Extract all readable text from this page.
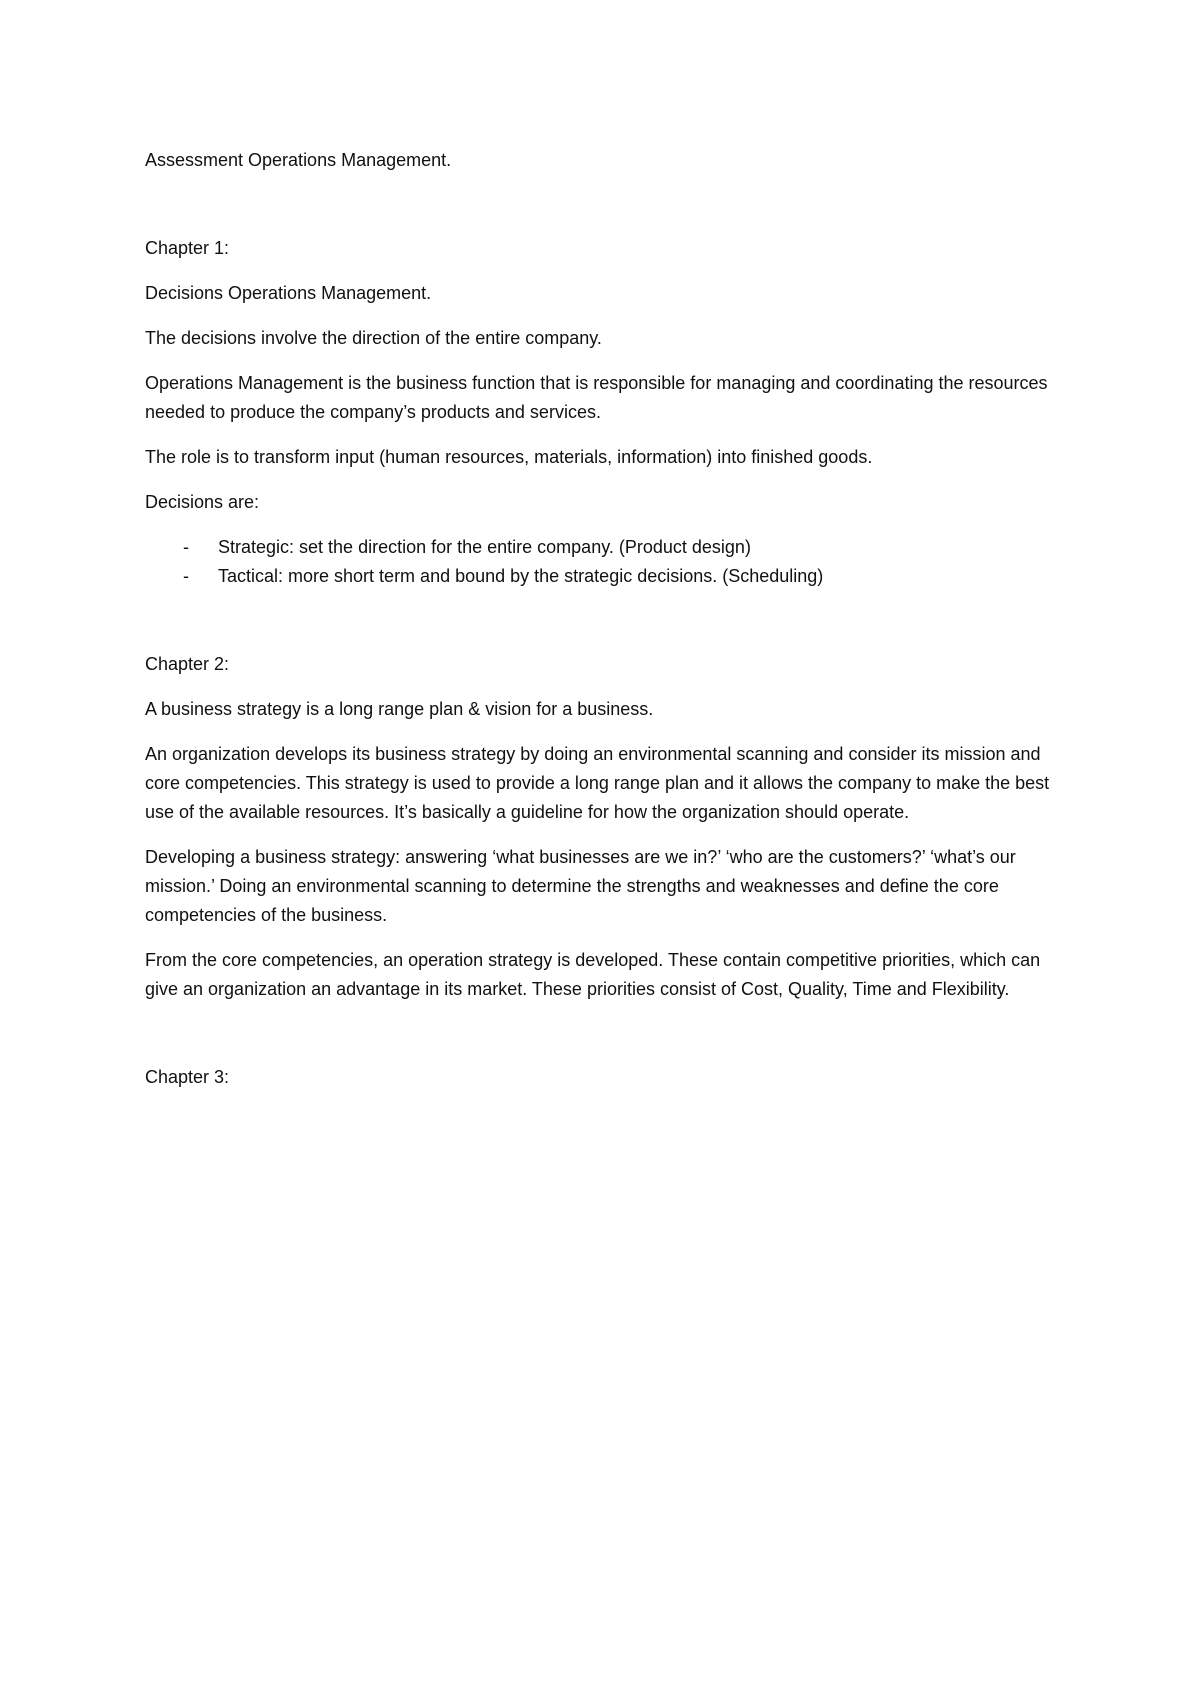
Assessment Operations Management.
Chapter 1:

Decisions Operations Management.

The decisions involve the direction of the entire company.

Operations Management is the business function that is responsible for managing and coordinating the resources needed to produce the company’s products and services.

The role is to transform input (human resources, materials, information) into finished goods.

Decisions are:

- Strategic: set the direction for the entire company. (Product design)
- Tactical: more short term and bound by the strategic decisions. (Scheduling)
Chapter 2:

A business strategy is a long range plan & vision for a business.

An organization develops its business strategy by doing an environmental scanning and consider its mission and core competencies. This strategy is used to provide a long range plan and it allows the company to make the best use of the available resources. It’s basically a guideline for how the organization should operate.

Developing a business strategy: answering ‘what businesses are we in?’ ‘who are the customers?’ ‘what’s our mission.’ Doing an environmental scanning to determine the strengths and weaknesses and define the core competencies of the business.

From the core competencies, an operation strategy is developed. These contain competitive priorities, which can give an organization an advantage in its market. These priorities consist of Cost, Quality, Time and Flexibility.

Chapter 3:
